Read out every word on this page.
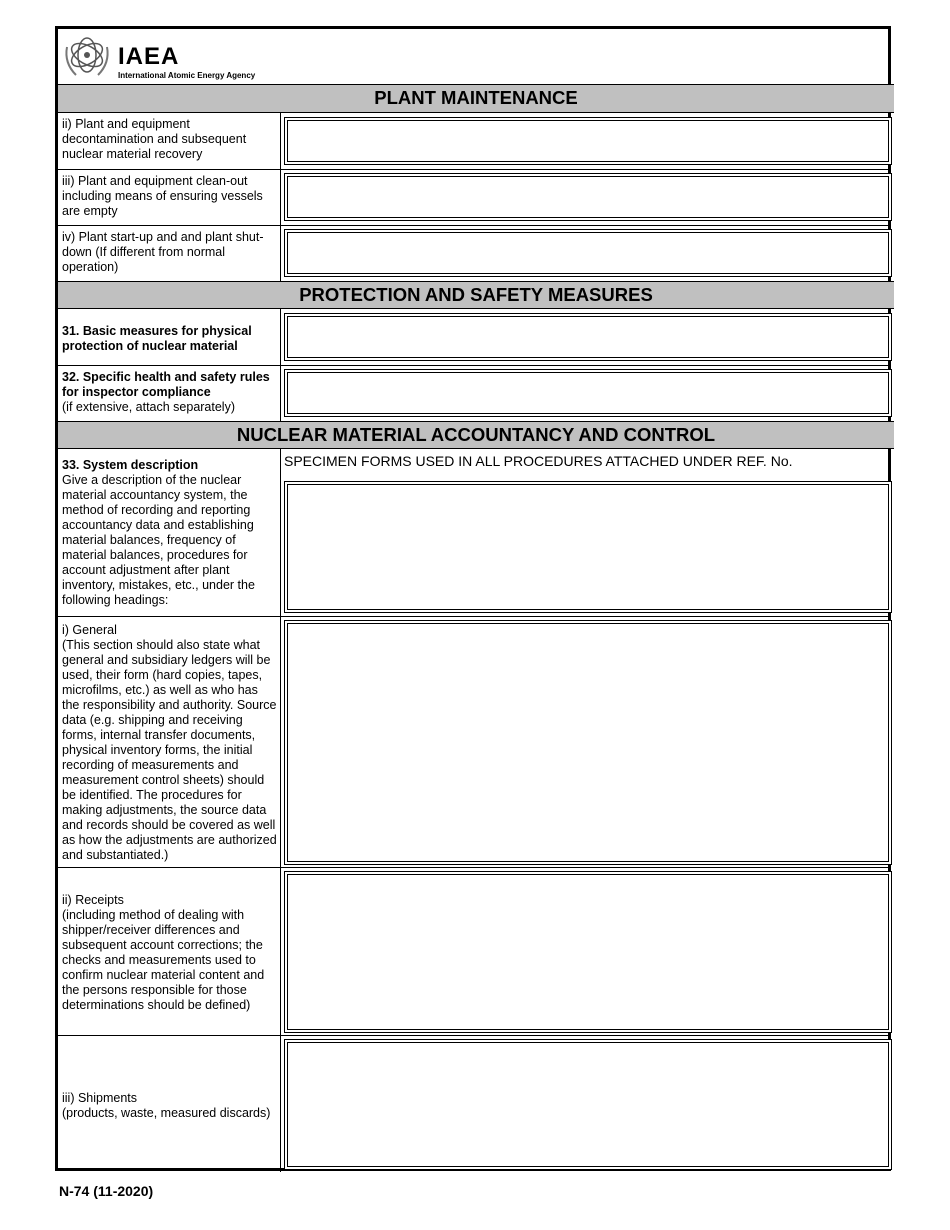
IAEA
International Atomic Energy Agency
PLANT MAINTENANCE
ii) Plant and equipment decontamination and subsequent nuclear material recovery
iii) Plant and equipment clean-out including means of ensuring vessels are empty
iv) Plant start-up and and plant shut-down (If different from normal operation)
PROTECTION AND SAFETY MEASURES
31. Basic measures for physical protection of nuclear material
32. Specific health and safety rules for inspector compliance
(if extensive, attach separately)
NUCLEAR MATERIAL ACCOUNTANCY AND CONTROL
33. System description
Give a description of the nuclear material accountancy system, the method of recording and reporting accountancy data and establishing material balances, frequency of material balances, procedures for account adjustment after plant inventory, mistakes, etc., under the following headings:
SPECIMEN FORMS USED IN ALL PROCEDURES ATTACHED UNDER REF. No.
i) General
(This section should also state what general and subsidiary ledgers will be used, their form (hard copies, tapes, microfilms, etc.) as well as who has the responsibility and authority. Source data (e.g. shipping and receiving forms, internal transfer documents, physical inventory forms, the initial recording of measurements and measurement control sheets) should be identified. The procedures for making adjustments, the source data and records should be covered as well as how the adjustments are authorized and substantiated.)
ii) Receipts
(including method of dealing with shipper/receiver differences and subsequent account corrections; the checks and measurements used to confirm nuclear material content and the persons responsible for those determinations should be defined)
iii) Shipments
(products, waste, measured discards)
N-74 (11-2020)
